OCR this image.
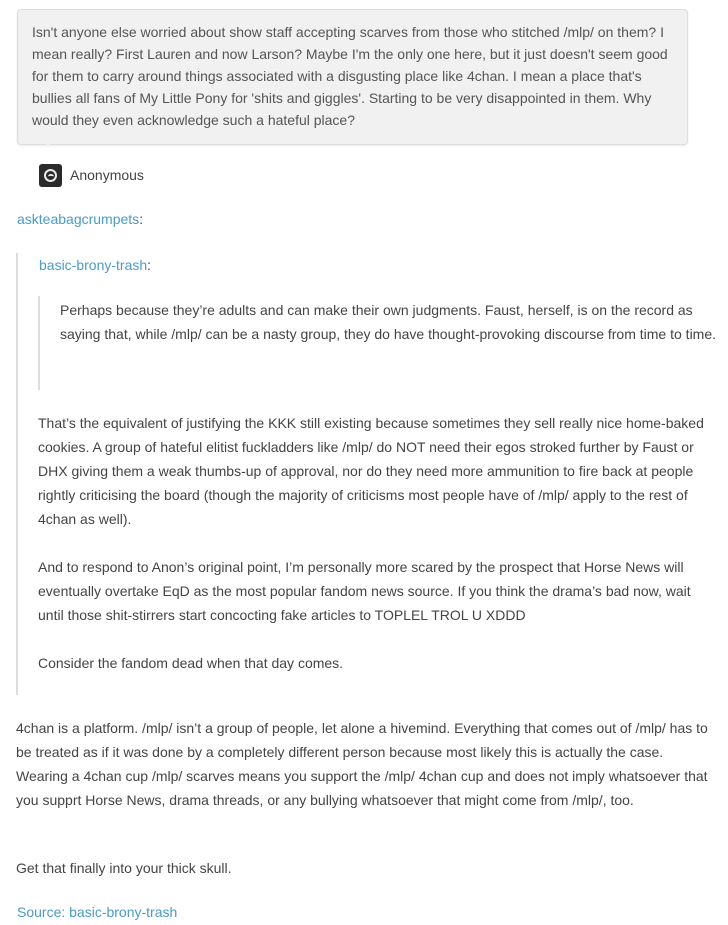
Isn't anyone else worried about show staff accepting scarves from those who stitched /mlp/ on them? I mean really? First Lauren and now Larson? Maybe I'm the only one here, but it just doesn't seem good for them to carry around things associated with a disgusting place like 4chan. I mean a place that's bullies all fans of My Little Pony for 'shits and giggles'. Starting to be very disappointed in them. Why would they even acknowledge such a hateful place?
Anonymous
askteabagcrumpets:
basic-brony-trash:

Perhaps because they’re adults and can make their own judgments. Faust, herself, is on the record as saying that, while /mlp/ can be a nasty group, they do have thought-provoking discourse from time to time.

That’s the equivalent of justifying the KKK still existing because sometimes they sell really nice home-baked cookies. A group of hateful elitist fuckladders like /mlp/ do NOT need their egos stroked further by Faust or DHX giving them a weak thumbs-up of approval, nor do they need more ammunition to fire back at people rightly criticising the board (though the majority of criticisms most people have of /mlp/ apply to the rest of 4chan as well).

And to respond to Anon’s original point, I’m personally more scared by the prospect that Horse News will eventually overtake EqD as the most popular fandom news source. If you think the drama’s bad now, wait until those shit-stirrers start concocting fake articles to TOPLEL TROL U XDDD

Consider the fandom dead when that day comes.

4chan is a platform. /mlp/ isn’t a group of people, let alone a hivemind. Everything that comes out of /mlp/ has to be treated as if it was done by a completely different person because most likely this is actually the case. Wearing a 4chan cup /mlp/ scarves means you support the /mlp/ 4chan cup and does not imply whatsoever that you supprt Horse News, drama threads, or any bullying whatsoever that might come from /mlp/, too.

Get that finally into your thick skull.

Source: basic-brony-trash
